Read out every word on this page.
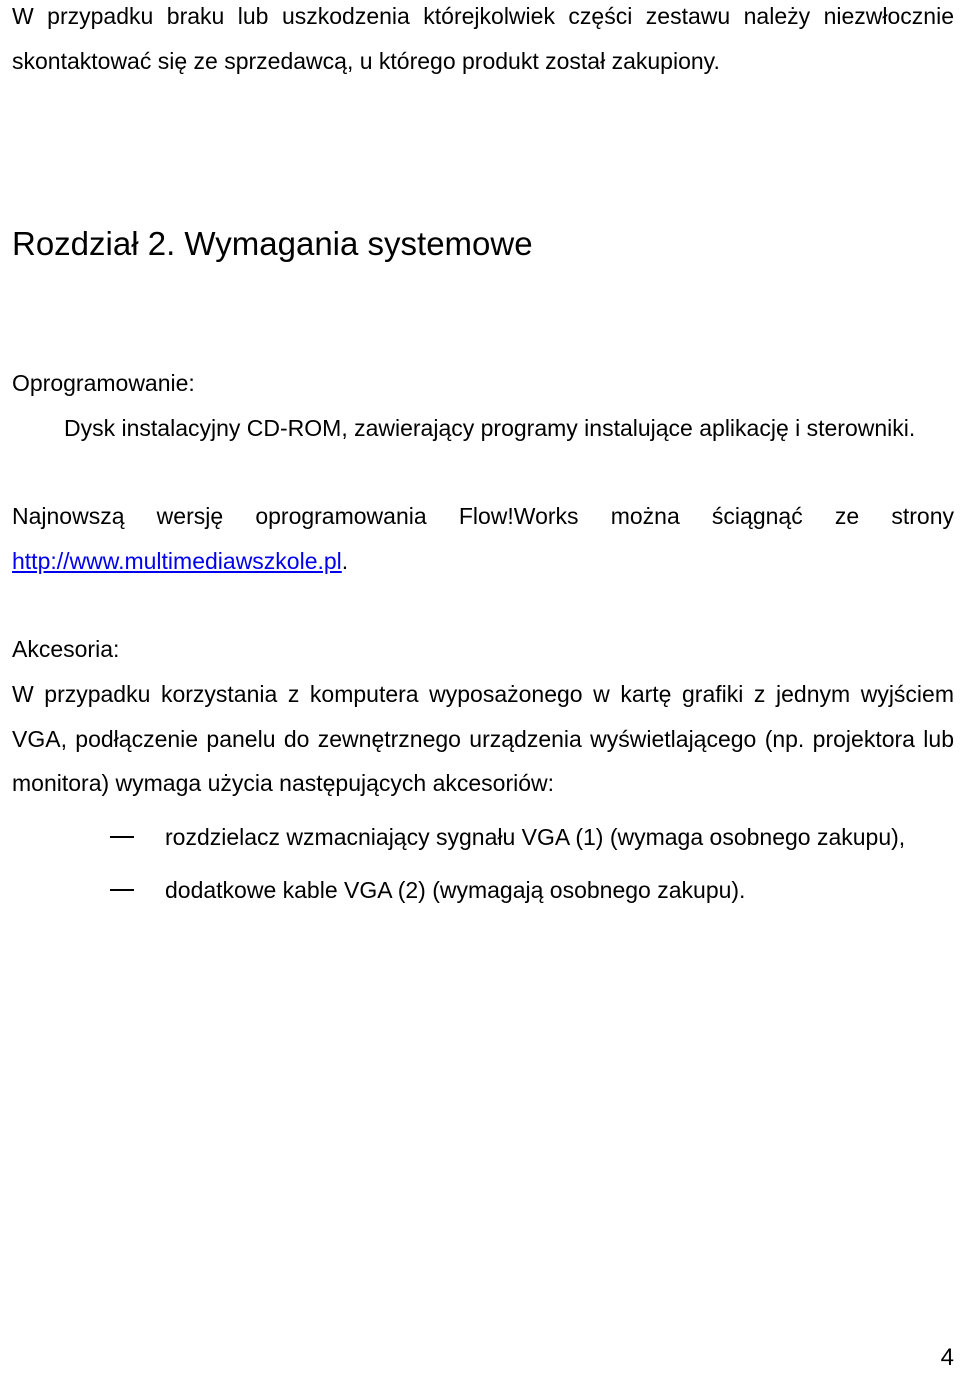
W przypadku braku lub uszkodzenia którejkolwiek części zestawu należy niezwłocznie skontaktować się ze sprzedawcą, u którego produkt został zakupiony.

Rozdział 2. Wymagania systemowe

Oprogramowanie:

Dysk instalacyjny CD-ROM, zawierający programy instalujące aplikację i sterowniki.

Najnowszą wersję oprogramowania Flow!Works można ściągnąć ze strony http://www.multimediawszkole.pl.

Akcesoria:

W przypadku korzystania z komputera wyposażonego w kartę grafiki z jednym wyjściem VGA, podłączenie panelu do zewnętrznego urządzenia wyświetlającego (np. projektora lub monitora) wymaga użycia następujących akcesoriów:

rozdzielacz wzmacniający sygnału VGA (1) (wymaga osobnego zakupu),

dodatkowe kable VGA (2) (wymagają osobnego zakupu).

4
